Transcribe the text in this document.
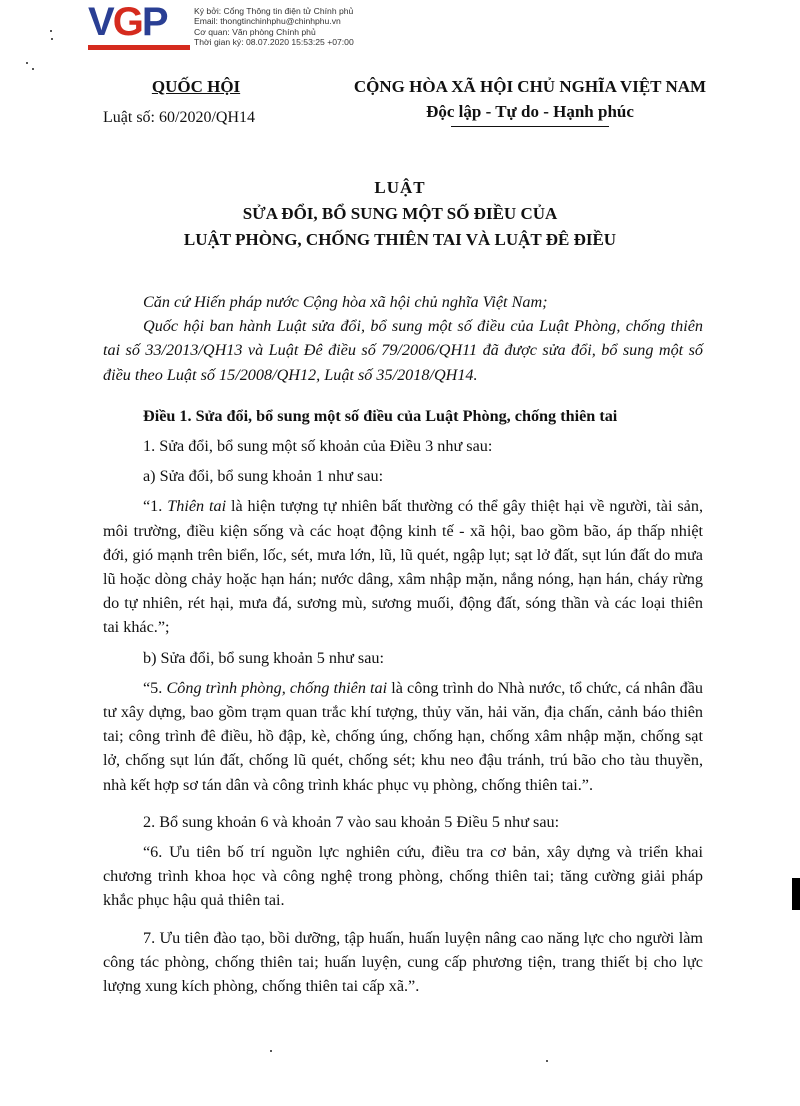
VGP	Ký bởi: Cổng Thông tin điện tử Chính phủ
Email: thongtinchinhphu@chinhphu.vn
Cơ quan: Văn phòng Chính phủ
Thời gian ký: 08.07.2020 15:53:25 +07:00
QUỐC HỘI
Luật số: 60/2020/QH14
CỘNG HÒA XÃ HỘI CHỦ NGHĨA VIỆT NAM
Độc lập - Tự do - Hạnh phúc
LUẬT
SỬA ĐỔI, BỔ SUNG MỘT SỐ ĐIỀU CỦA
LUẬT PHÒNG, CHỐNG THIÊN TAI VÀ LUẬT ĐÊ ĐIỀU

Căn cứ Hiến pháp nước Cộng hòa xã hội chủ nghĩa Việt Nam;

Quốc hội ban hành Luật sửa đổi, bổ sung một số điều của Luật Phòng, chống thiên tai số 33/2013/QH13 và Luật Đê điều số 79/2006/QH11 đã được sửa đổi, bổ sung một số điều theo Luật số 15/2008/QH12, Luật số 35/2018/QH14.

Điều 1. Sửa đổi, bổ sung một số điều của Luật Phòng, chống thiên tai

1. Sửa đổi, bổ sung một số khoản của Điều 3 như sau:

a) Sửa đổi, bổ sung khoản 1 như sau:

“1. Thiên tai là hiện tượng tự nhiên bất thường có thể gây thiệt hại về người, tài sản, môi trường, điều kiện sống và các hoạt động kinh tế - xã hội, bao gồm bão, áp thấp nhiệt đới, gió mạnh trên biển, lốc, sét, mưa lớn, lũ, lũ quét, ngập lụt; sạt lở đất, sụt lún đất do mưa lũ hoặc dòng chảy hoặc hạn hán; nước dâng, xâm nhập mặn, nắng nóng, hạn hán, cháy rừng do tự nhiên, rét hại, mưa đá, sương mù, sương muối, động đất, sóng thần và các loại thiên tai khác.”;

b) Sửa đổi, bổ sung khoản 5 như sau:

“5. Công trình phòng, chống thiên tai là công trình do Nhà nước, tổ chức, cá nhân đầu tư xây dựng, bao gồm trạm quan trắc khí tượng, thủy văn, hải văn, địa chấn, cảnh báo thiên tai; công trình đê điều, hồ đập, kè, chống úng, chống hạn, chống xâm nhập mặn, chống sạt lở, chống sụt lún đất, chống lũ quét, chống sét; khu neo đậu tránh, trú bão cho tàu thuyền, nhà kết hợp sơ tán dân và công trình khác phục vụ phòng, chống thiên tai.”.

2. Bổ sung khoản 6 và khoản 7 vào sau khoản 5 Điều 5 như sau:

“6. Ưu tiên bố trí nguồn lực nghiên cứu, điều tra cơ bản, xây dựng và triển khai chương trình khoa học và công nghệ trong phòng, chống thiên tai; tăng cường giải pháp khắc phục hậu quả thiên tai.

7. Ưu tiên đào tạo, bồi dưỡng, tập huấn, huấn luyện nâng cao năng lực cho người làm công tác phòng, chống thiên tai; huấn luyện, cung cấp phương tiện, trang thiết bị cho lực lượng xung kích phòng, chống thiên tai cấp xã.”.
